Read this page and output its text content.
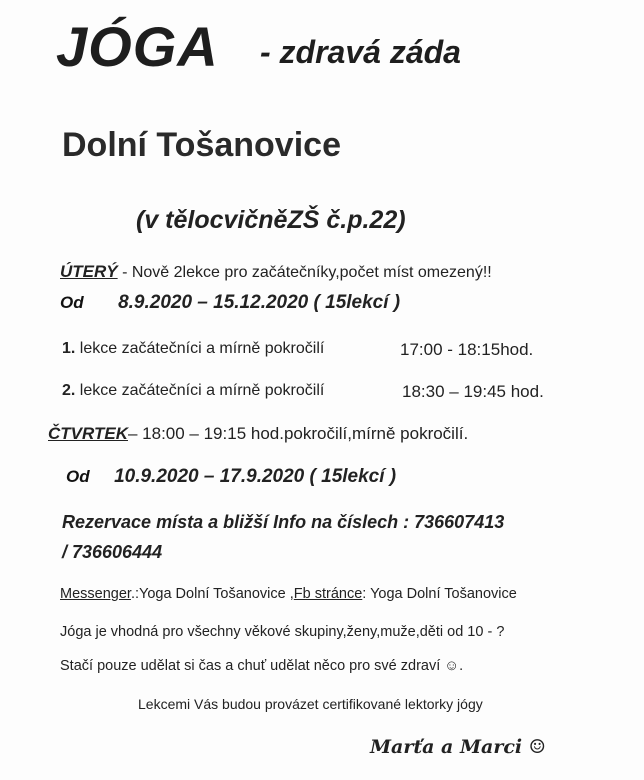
JÓGA - zdravá záda
Dolní Tošanovice
(v tělocvičněZŠ č.p.22)
ÚTERÝ - Nově 2lekce pro začátečníky,počet míst omezený!!
Od 8.9.2020 – 15.12.2020 ( 15lekcí )
1. lekce začátečníci a mírně pokročilí	17:00 - 18:15hod.
2. lekce začátečníci a mírně pokročilí	18:30 – 19:45 hod.
ČTVRTEK– 18:00 – 19:15 hod.pokročilí,mírně pokročilí.
Od 10.9.2020 – 17.9.2020 ( 15lekcí )
Rezervace místa a bližší Info na číslech : 736607413
/ 736606444
Messenger.:Yoga Dolní Tošanovice ,Fb stránce: Yoga Dolní Tošanovice
Jóga je vhodná pro všechny věkové skupiny,ženy,muže,děti od 10 - ?
Stačí pouze udělat si čas a chuť udělat něco pro své zdraví ☺.
Lekcemi Vás budou provázet certifikované lektorky jógy
Marťa a Marci ☺
